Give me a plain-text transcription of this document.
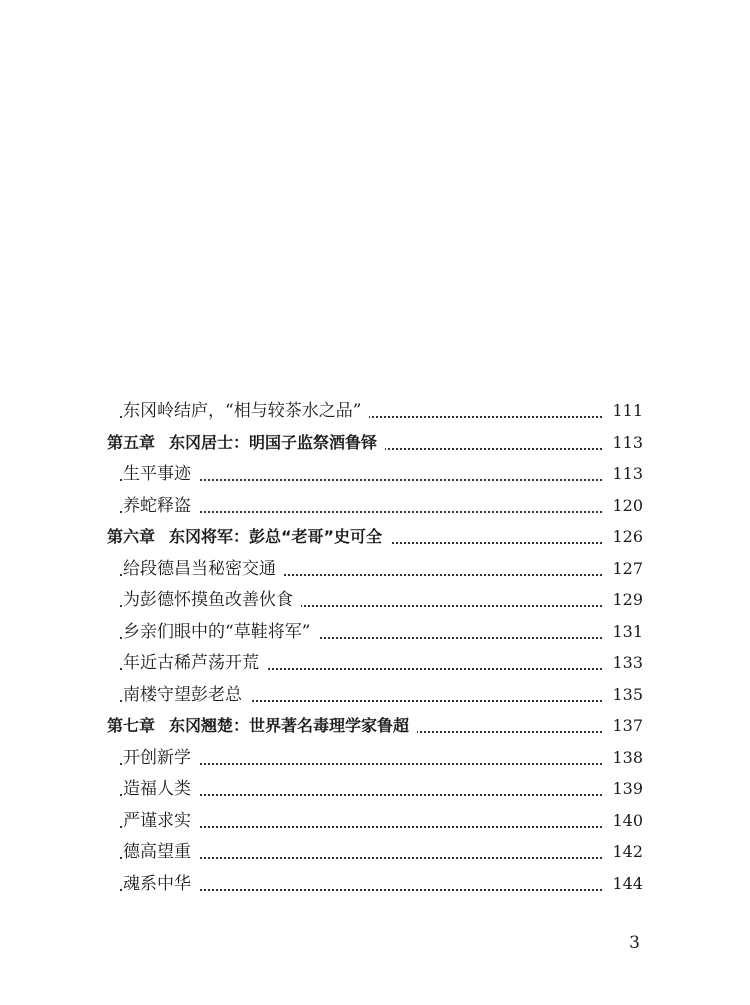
东冈岭结庐，“相与较茶水之品”	111
第五章 东冈居士：明国子监祭酒鲁铎	113
生平事迹	113
养蛇释盗	120
第六章 东冈将军：彭总“老哥”史可全	126
给段德昌当秘密交通	127
为彭德怀摸鱼改善伙食	129
乡亲们眼中的“草鞋将军”	131
年近古稀芦荡开荒	133
南楼守望彭老总	135
第七章 东冈翘楚：世界著名毒理学家鲁超	137
开创新学	138
造福人类	139
严谨求实	140
德高望重	142
魂系中华	144
3
